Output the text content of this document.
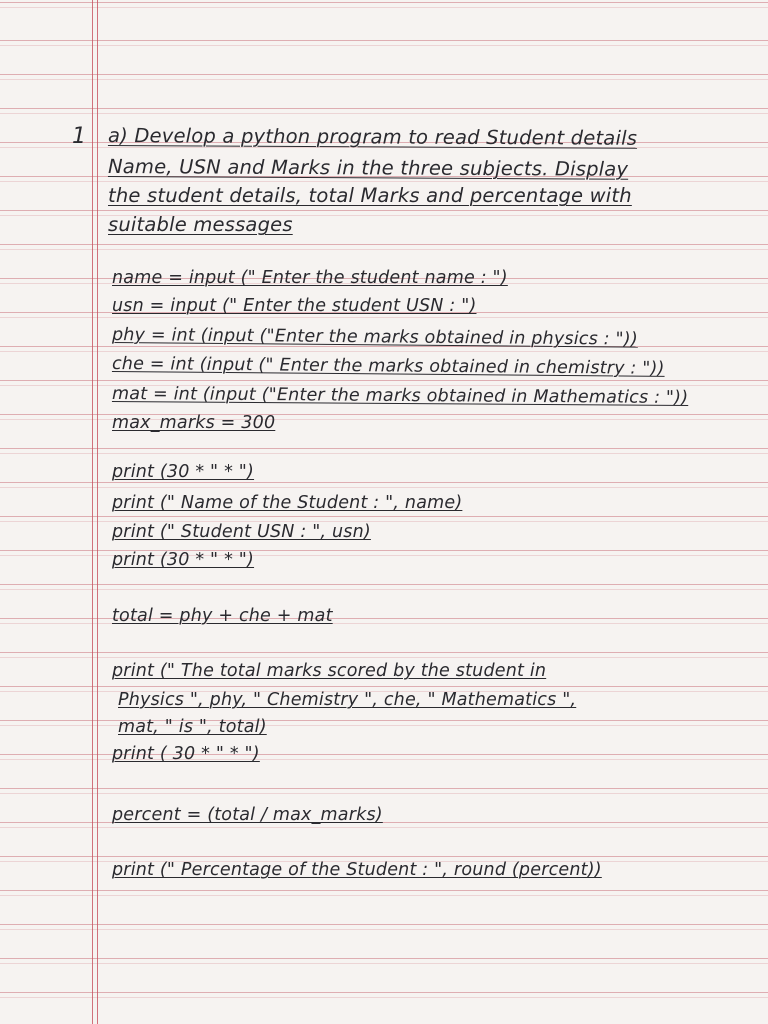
1 a) Develop a python program to read Student details
Name, USN and Marks in the three subjects. Display
the student details, total Marks and percentage with
suitable messages
name = input (" Enter the student name : ")
usn = input (" Enter the student USN : ")
phy = int (input ("Enter the marks obtained in physics : "))
che = int (input (" Enter the marks obtained in chemistry : "))
mat = int (input ("Enter the marks obtained in Mathematics : "))
max_marks = 300
print (30 * " * ")
print (" Name of the Student : ", name)
print (" Student USN : ", usn)
print (30 * " * ")
total = phy + che + mat
print (" The total marks scored by the student in
Physics ", phy, " Chemistry ", che, " Mathematics ",
mat, " is ", total)
print ( 30 * " * ")
percent = (total / max_marks)
print (" Percentage of the Student : ", round (percent))
